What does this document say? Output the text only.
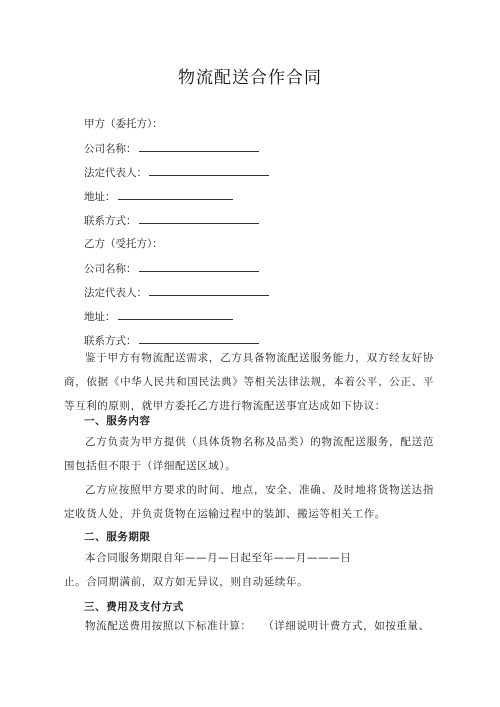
物流配送合作合同
甲方（委托方）：
公司名称：
法定代表人：
地址：
联系方式：
乙方（受托方）：
公司名称：
法定代表人：
地址：
联系方式：
鉴于甲方有物流配送需求，乙方具备物流配送服务能力，双方经友好协商，依据《中华人民共和国民法典》等相关法律法规，本着公平、公正、平等互利的原则，就甲方委托乙方进行物流配送事宜达成如下协议：
一、服务内容
乙方负责为甲方提供（具体货物名称及品类）的物流配送服务，配送范围包括但不限于（详细配送区域）。
乙方应按照甲方要求的时间、地点，安全、准确、及时地将货物送达指定收货人处，并负责货物在运输过程中的装卸、搬运等相关工作。
二、服务期限
本合同服务期限自年——月—日起至年——月———日
止。合同期满前，双方如无异议，则自动延续年。
三、费用及支付方式
物流配送费用按照以下标准计算：　　（详细说明计费方式，如按重量、
